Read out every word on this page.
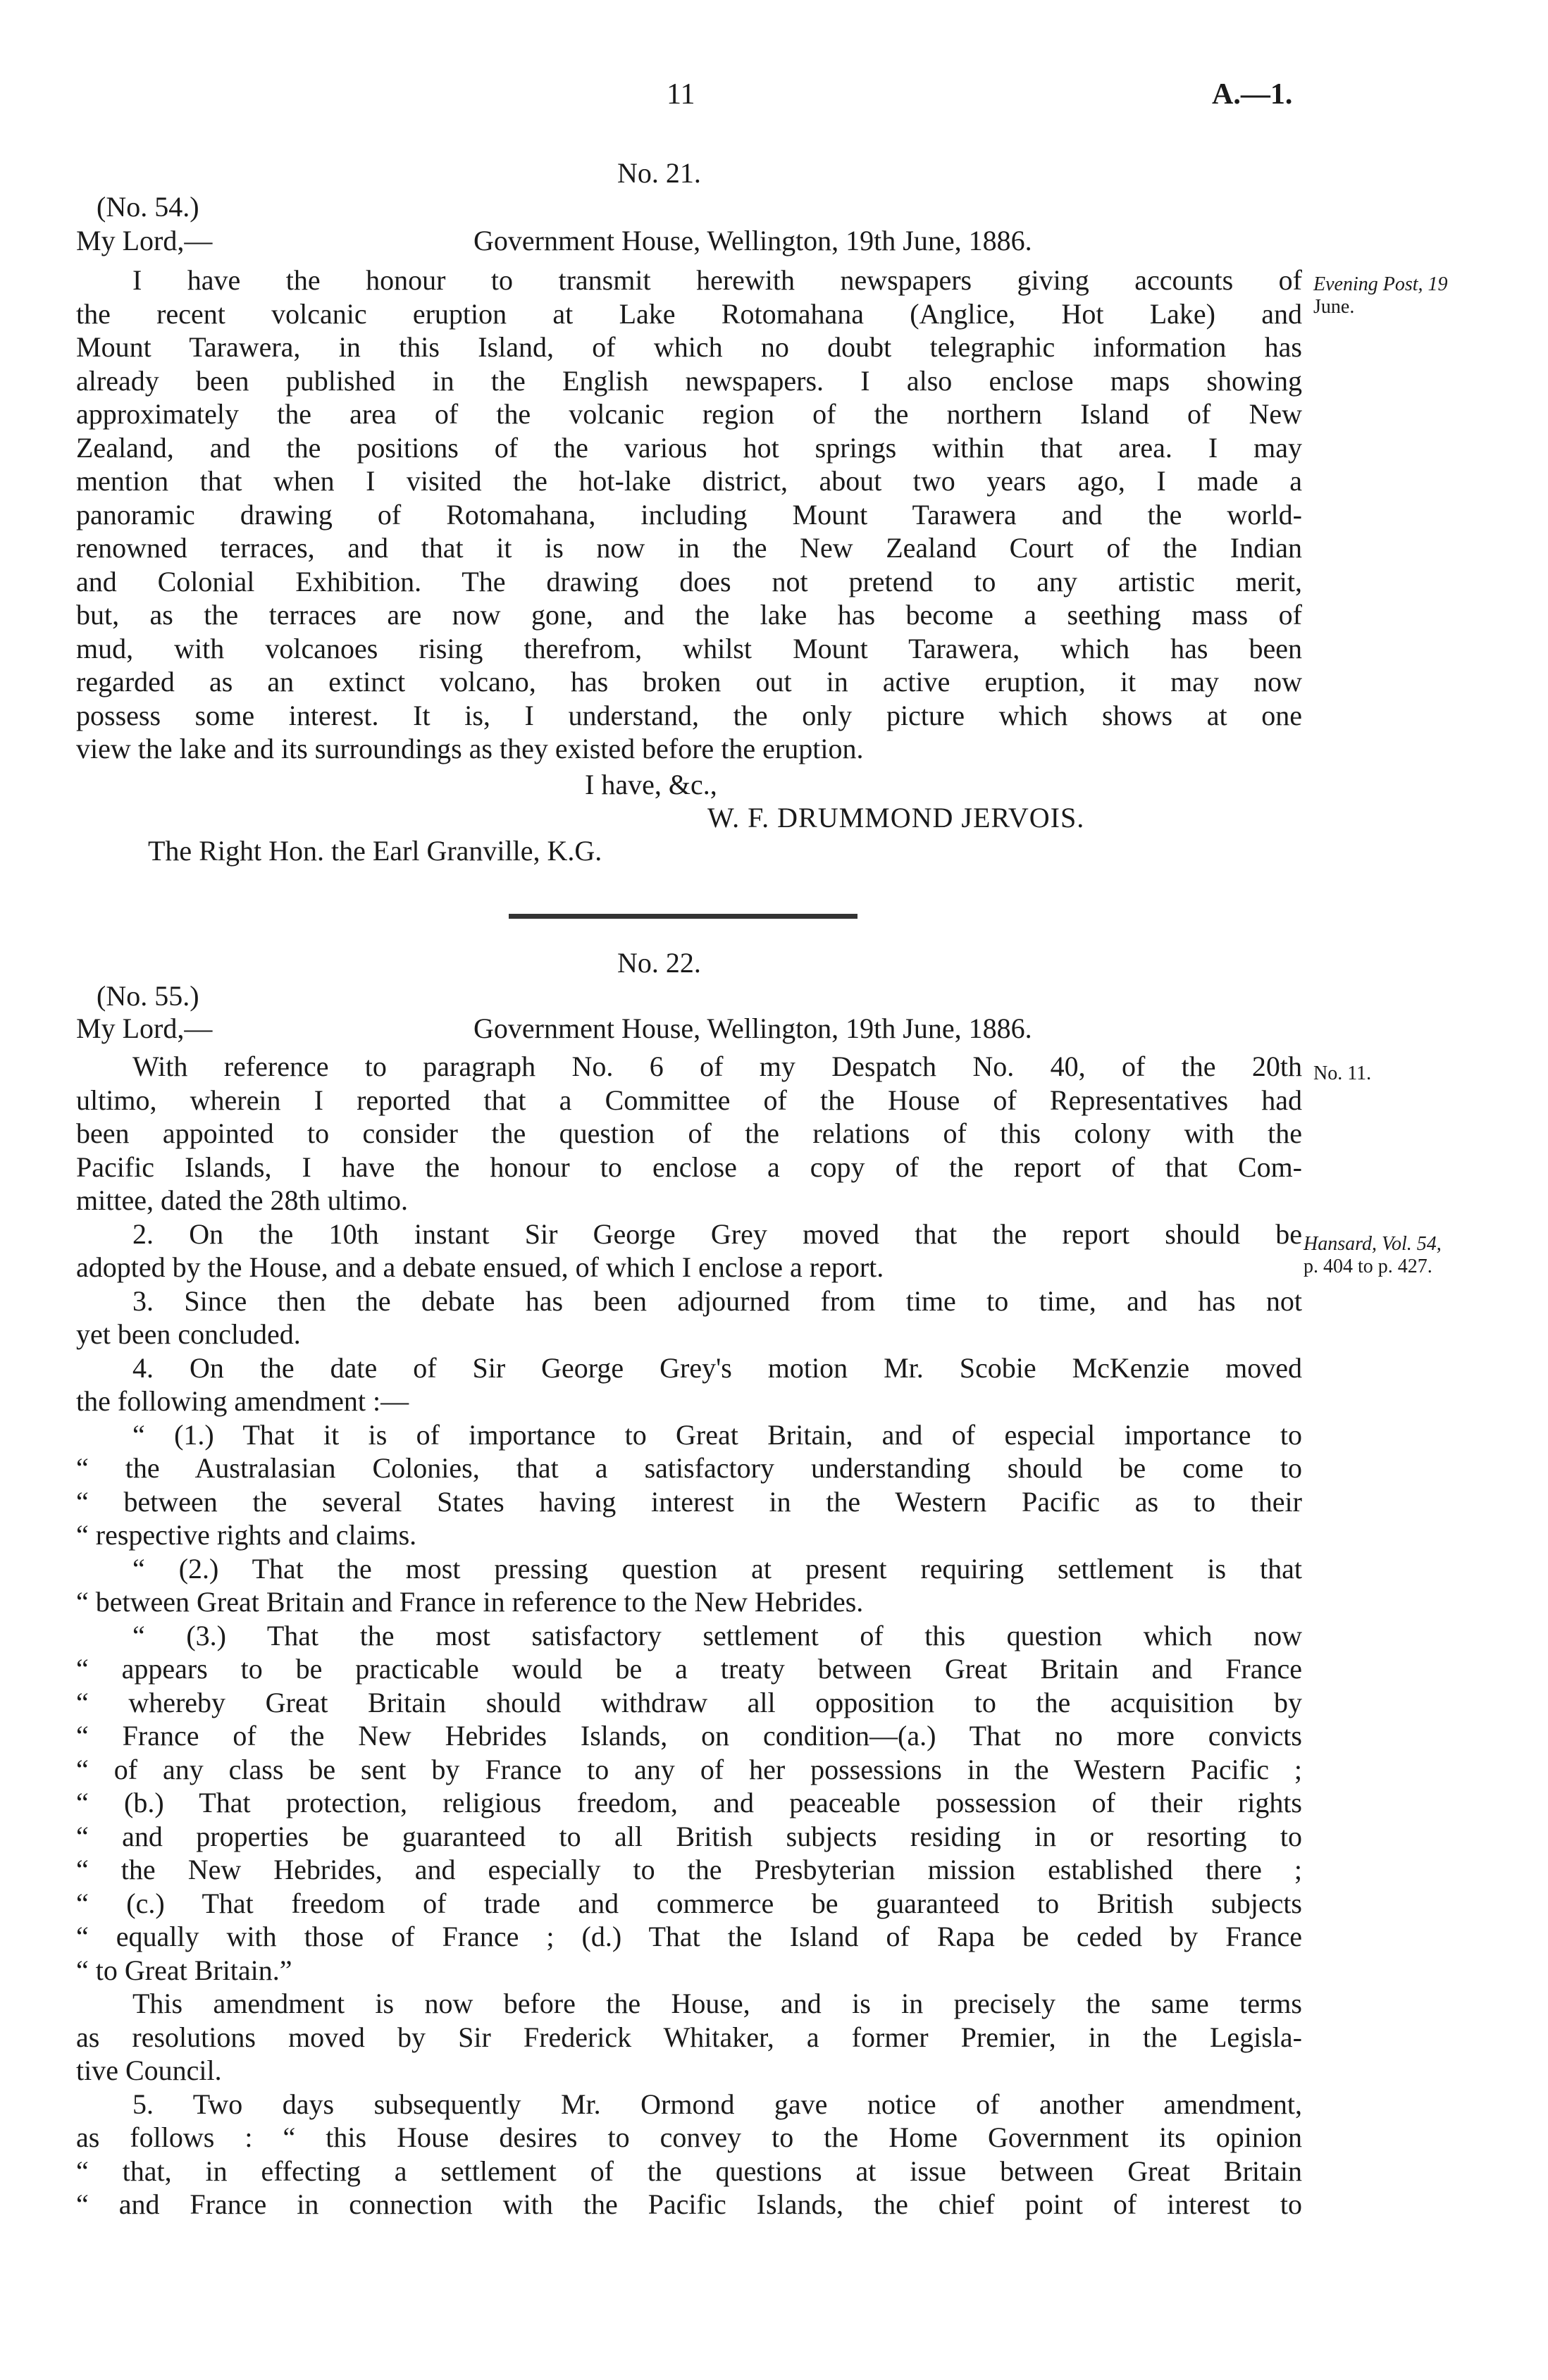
11	A.—1.
No. 21.
(No. 54.)
My Lord,—	Government House, Wellington, 19th June, 1886.
I have the honour to transmit herewith newspapers giving accounts of
the recent volcanic eruption at Lake Rotomahana (Anglice, Hot Lake) and
Mount Tarawera, in this Island, of which no doubt telegraphic information has
already been published in the English newspapers. I also enclose maps showing
approximately the area of the volcanic region of the northern Island of New
Zealand, and the positions of the various hot springs within that area. I may
mention that when I visited the hot-lake district, about two years ago, I made a
panoramic drawing of Rotomahana, including Mount Tarawera and the world-
renowned terraces, and that it is now in the New Zealand Court of the Indian
and Colonial Exhibition. The drawing does not pretend to any artistic merit,
but, as the terraces are now gone, and the lake has become a seething mass of
mud, with volcanoes rising therefrom, whilst Mount Tarawera, which has been
regarded as an extinct volcano, has broken out in active eruption, it may now
possess some interest. It is, I understand, the only picture which shows at one
view the lake and its surroundings as they existed before the eruption.
I have, &c.,
W. F. DRUMMOND JERVOIS.
The Right Hon. the Earl Granville, K.G.
Evening Post, 19
June.
No. 22.
(No. 55.)
My Lord,—	Government House, Wellington, 19th June, 1886.
With reference to paragraph No. 6 of my Despatch No. 40, of the 20th
ultimo, wherein I reported that a Committee of the House of Representatives had
been appointed to consider the question of the relations of this colony with the
Pacific Islands, I have the honour to enclose a copy of the report of that Com-
mittee, dated the 28th ultimo.
2. On the 10th instant Sir George Grey moved that the report should be
adopted by the House, and a debate ensued, of which I enclose a report.
3. Since then the debate has been adjourned from time to time, and has not
yet been concluded.
4. On the date of Sir George Grey's motion Mr. Scobie McKenzie moved
the following amendment :—
“ (1.) That it is of importance to Great Britain, and of especial importance to
“ the Australasian Colonies, that a satisfactory understanding should be come to
“ between the several States having interest in the Western Pacific as to their
“ respective rights and claims.
“ (2.) That the most pressing question at present requiring settlement is that
“ between Great Britain and France in reference to the New Hebrides.
“ (3.) That the most satisfactory settlement of this question which now
“ appears to be practicable would be a treaty between Great Britain and France
“ whereby Great Britain should withdraw all opposition to the acquisition by
“ France of the New Hebrides Islands, on condition—(a.) That no more convicts
“ of any class be sent by France to any of her possessions in the Western Pacific ;
“ (b.) That protection, religious freedom, and peaceable possession of their rights
“ and properties be guaranteed to all British subjects residing in or resorting to
“ the New Hebrides, and especially to the Presbyterian mission established there ;
“ (c.) That freedom of trade and commerce be guaranteed to British subjects
“ equally with those of France ; (d.) That the Island of Rapa be ceded by France
“ to Great Britain.”
This amendment is now before the House, and is in precisely the same terms
as resolutions moved by Sir Frederick Whitaker, a former Premier, in the Legisla-
tive Council.
5. Two days subsequently Mr. Ormond gave notice of another amendment,
as follows : “ this House desires to convey to the Home Government its opinion
“ that, in effecting a settlement of the questions at issue between Great Britain
“ and France in connection with the Pacific Islands, the chief point of interest to
No. 11.
Hansard, Vol. 54,
p. 404 to p. 427.
